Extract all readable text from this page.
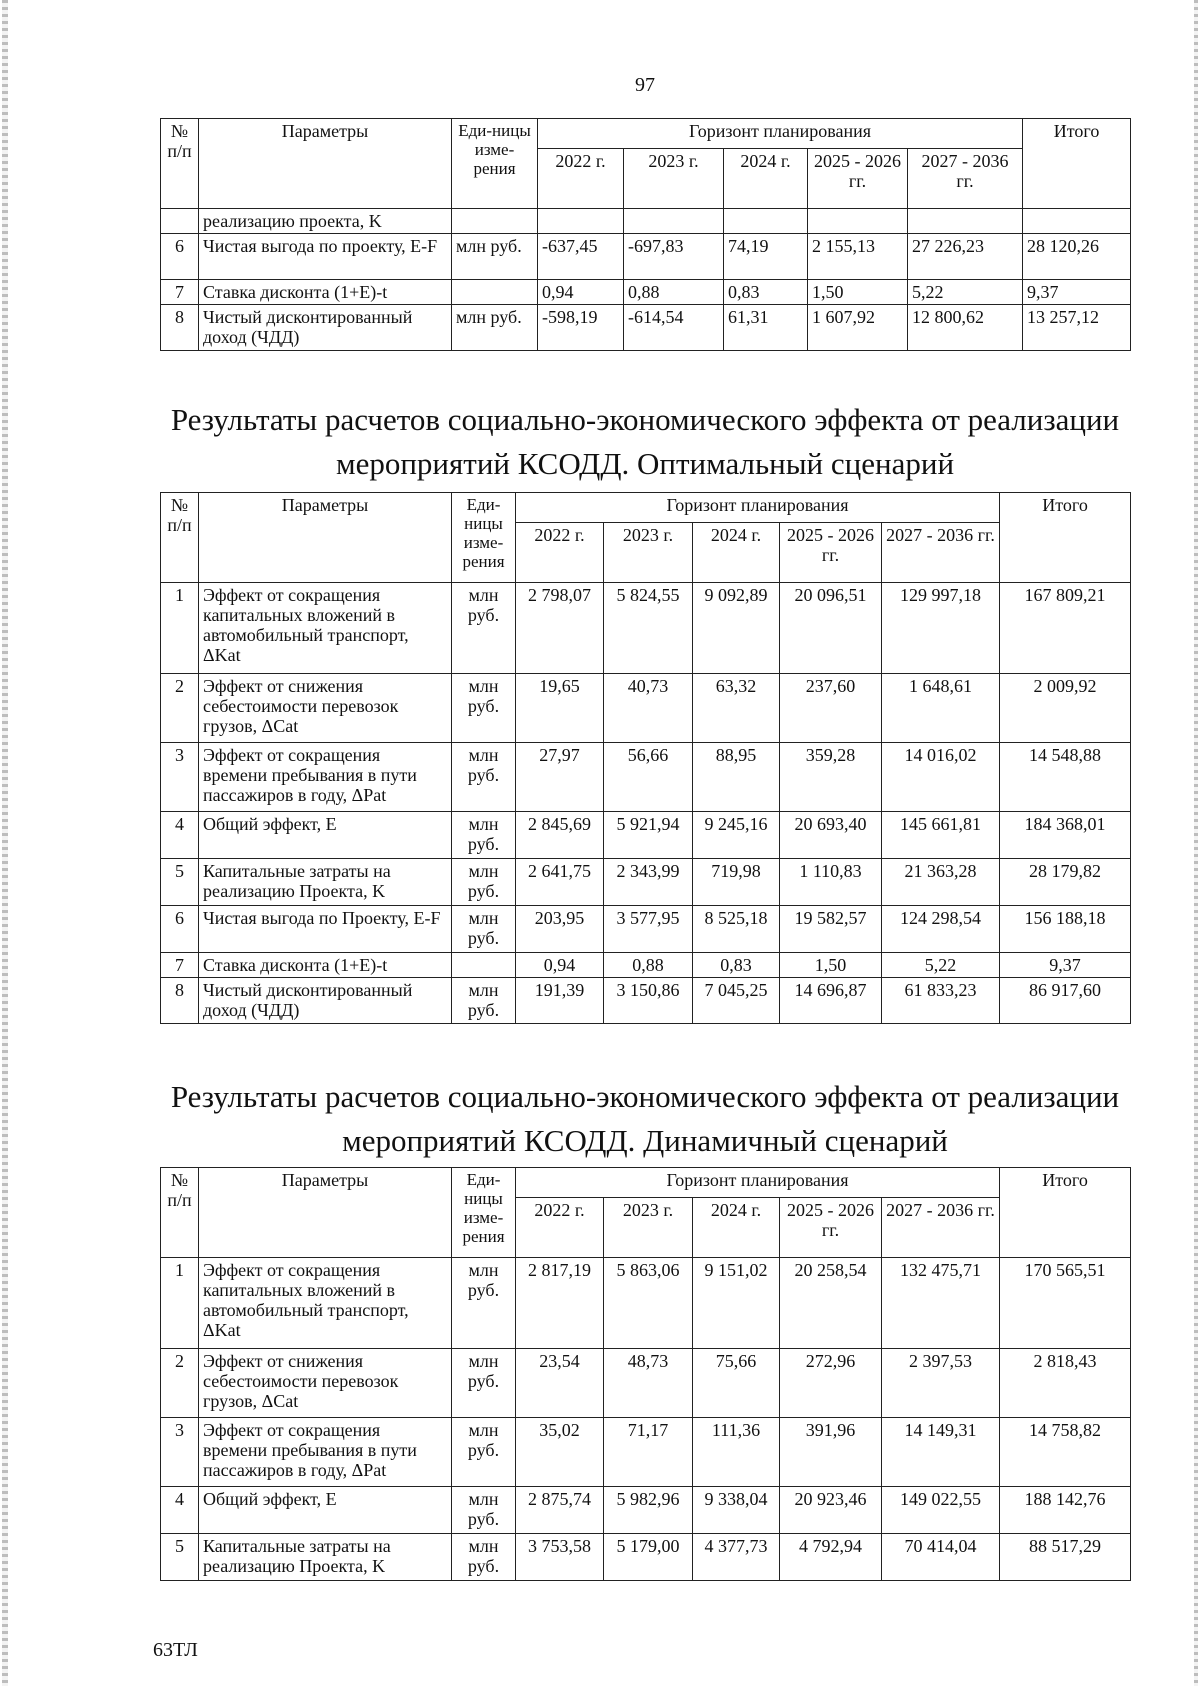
97
№ п/п	Параметры	Еди-ницы изме-рения	Горизонт планирования					Итого
			2022 г.	2023 г.	2024 г.	2025 - 2026 гг.	2027 - 2036 гг.	
	реализацию проекта, K							
6	Чистая выгода по проекту, E-F	млн руб.	-637,45	-697,83	74,19	2 155,13	27 226,23	28 120,26
7	Ставка дисконта (1+E)-t		0,94	0,88	0,83	1,50	5,22	9,37
8	Чистый дисконтированный доход (ЧДД)	млн руб.	-598,19	-614,54	61,31	1 607,92	12 800,62	13 257,12
Результаты расчетов социально-экономического эффекта от реализации
мероприятий КСОДД. Оптимальный сценарий
№ п/п	Параметры	Еди-ницы изме-рения	Горизонт планирования					Итого
			2022 г.	2023 г.	2024 г.	2025 - 2026 гг.	2027 - 2036 гг.	
1	Эффект от сокращения капитальных вложений в автомобильный транспорт, ΔKat	млн руб.	2 798,07	5 824,55	9 092,89	20 096,51	129 997,18	167 809,21
2	Эффект от снижения себестоимости перевозок грузов, ΔCat	млн руб.	19,65	40,73	63,32	237,60	1 648,61	2 009,92
3	Эффект от сокращения времени пребывания в пути пассажиров в году, ΔPat	млн руб.	27,97	56,66	88,95	359,28	14 016,02	14 548,88
4	Общий эффект, E	млн руб.	2 845,69	5 921,94	9 245,16	20 693,40	145 661,81	184 368,01
5	Капитальные затраты на реализацию Проекта, K	млн руб.	2 641,75	2 343,99	719,98	1 110,83	21 363,28	28 179,82
6	Чистая выгода по Проекту, E-F	млн руб.	203,95	3 577,95	8 525,18	19 582,57	124 298,54	156 188,18
7	Ставка дисконта (1+E)-t		0,94	0,88	0,83	1,50	5,22	9,37
8	Чистый дисконтированный доход (ЧДД)	млн руб.	191,39	3 150,86	7 045,25	14 696,87	61 833,23	86 917,60
Результаты расчетов социально-экономического эффекта от реализации
мероприятий КСОДД. Динамичный сценарий
№ п/п	Параметры	Еди-ницы изме-рения	Горизонт планирования					Итого
			2022 г.	2023 г.	2024 г.	2025 - 2026 гг.	2027 - 2036 гг.	
1	Эффект от сокращения капитальных вложений в автомобильный транспорт, ΔKat	млн руб.	2 817,19	5 863,06	9 151,02	20 258,54	132 475,71	170 565,51
2	Эффект от снижения себестоимости перевозок грузов, ΔCat	млн руб.	23,54	48,73	75,66	272,96	2 397,53	2 818,43
3	Эффект от сокращения времени пребывания в пути пассажиров в году, ΔPat	млн руб.	35,02	71,17	111,36	391,96	14 149,31	14 758,82
4	Общий эффект, E	млн руб.	2 875,74	5 982,96	9 338,04	20 923,46	149 022,55	188 142,76
5	Капитальные затраты на реализацию Проекта, K	млн руб.	3 753,58	5 179,00	4 377,73	4 792,94	70 414,04	88 517,29
63ТЛ
